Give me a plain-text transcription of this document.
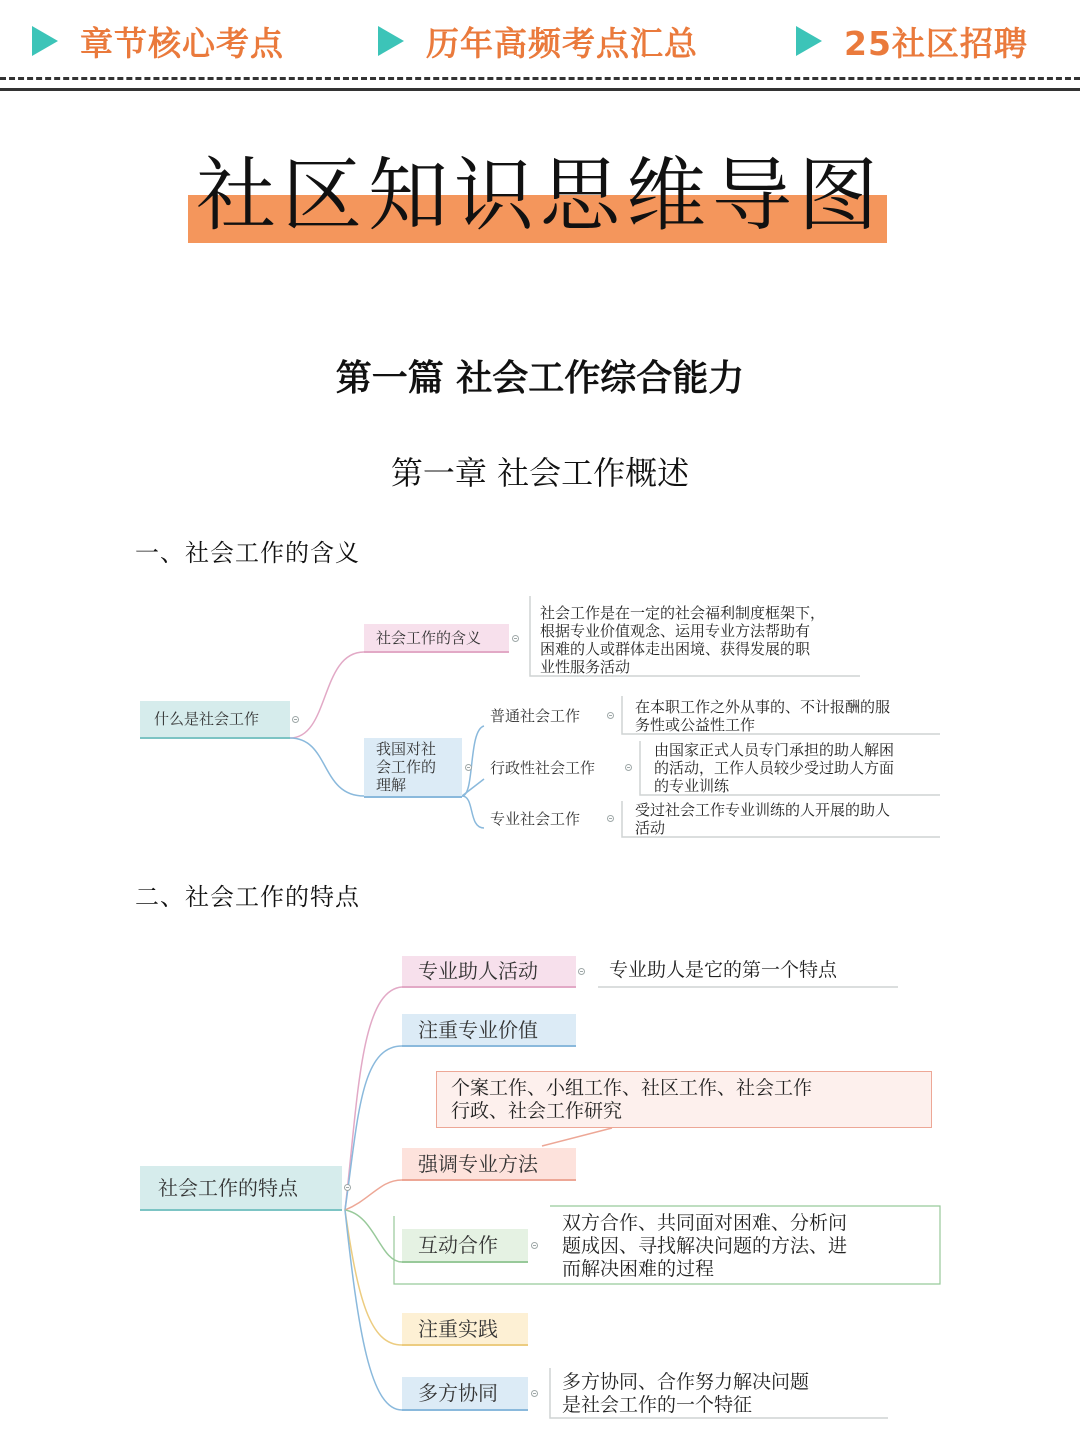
章节核心考点	历年高频考点汇总	25社区招聘
社区知识思维导图
第一篇 社会工作综合能力
第一章 社会工作概述
一、社会工作的含义
二、社会工作的特点
什么是社会工作
社会工作的含义
社会工作是在一定的社会福利制度框架下，
根据专业价值观念、运用专业方法帮助有
困难的人或群体走出困境、获得发展的职
业性服务活动
我国对社
会工作的
理解
普通社会工作	在本职工作之外从事的、不计报酬的服
务性或公益性工作
行政性社会工作
由国家正式人员专门承担的助人解困
的活动，工作人员较少受过助人方面
的专业训练
专业社会工作	受过社会工作专业训练的人开展的助人
活动
社会工作的特点
专业助人活动	专业助人是它的第一个特点
注重专业价值
个案工作、小组工作、社区工作、社会工作
行政、社会工作研究
强调专业方法
互动合作
双方合作、共同面对困难、分析问
题成因、寻找解决问题的方法、进
而解决困难的过程
注重实践
多方协同	多方协同、合作努力解决问题
是社会工作的一个特征
